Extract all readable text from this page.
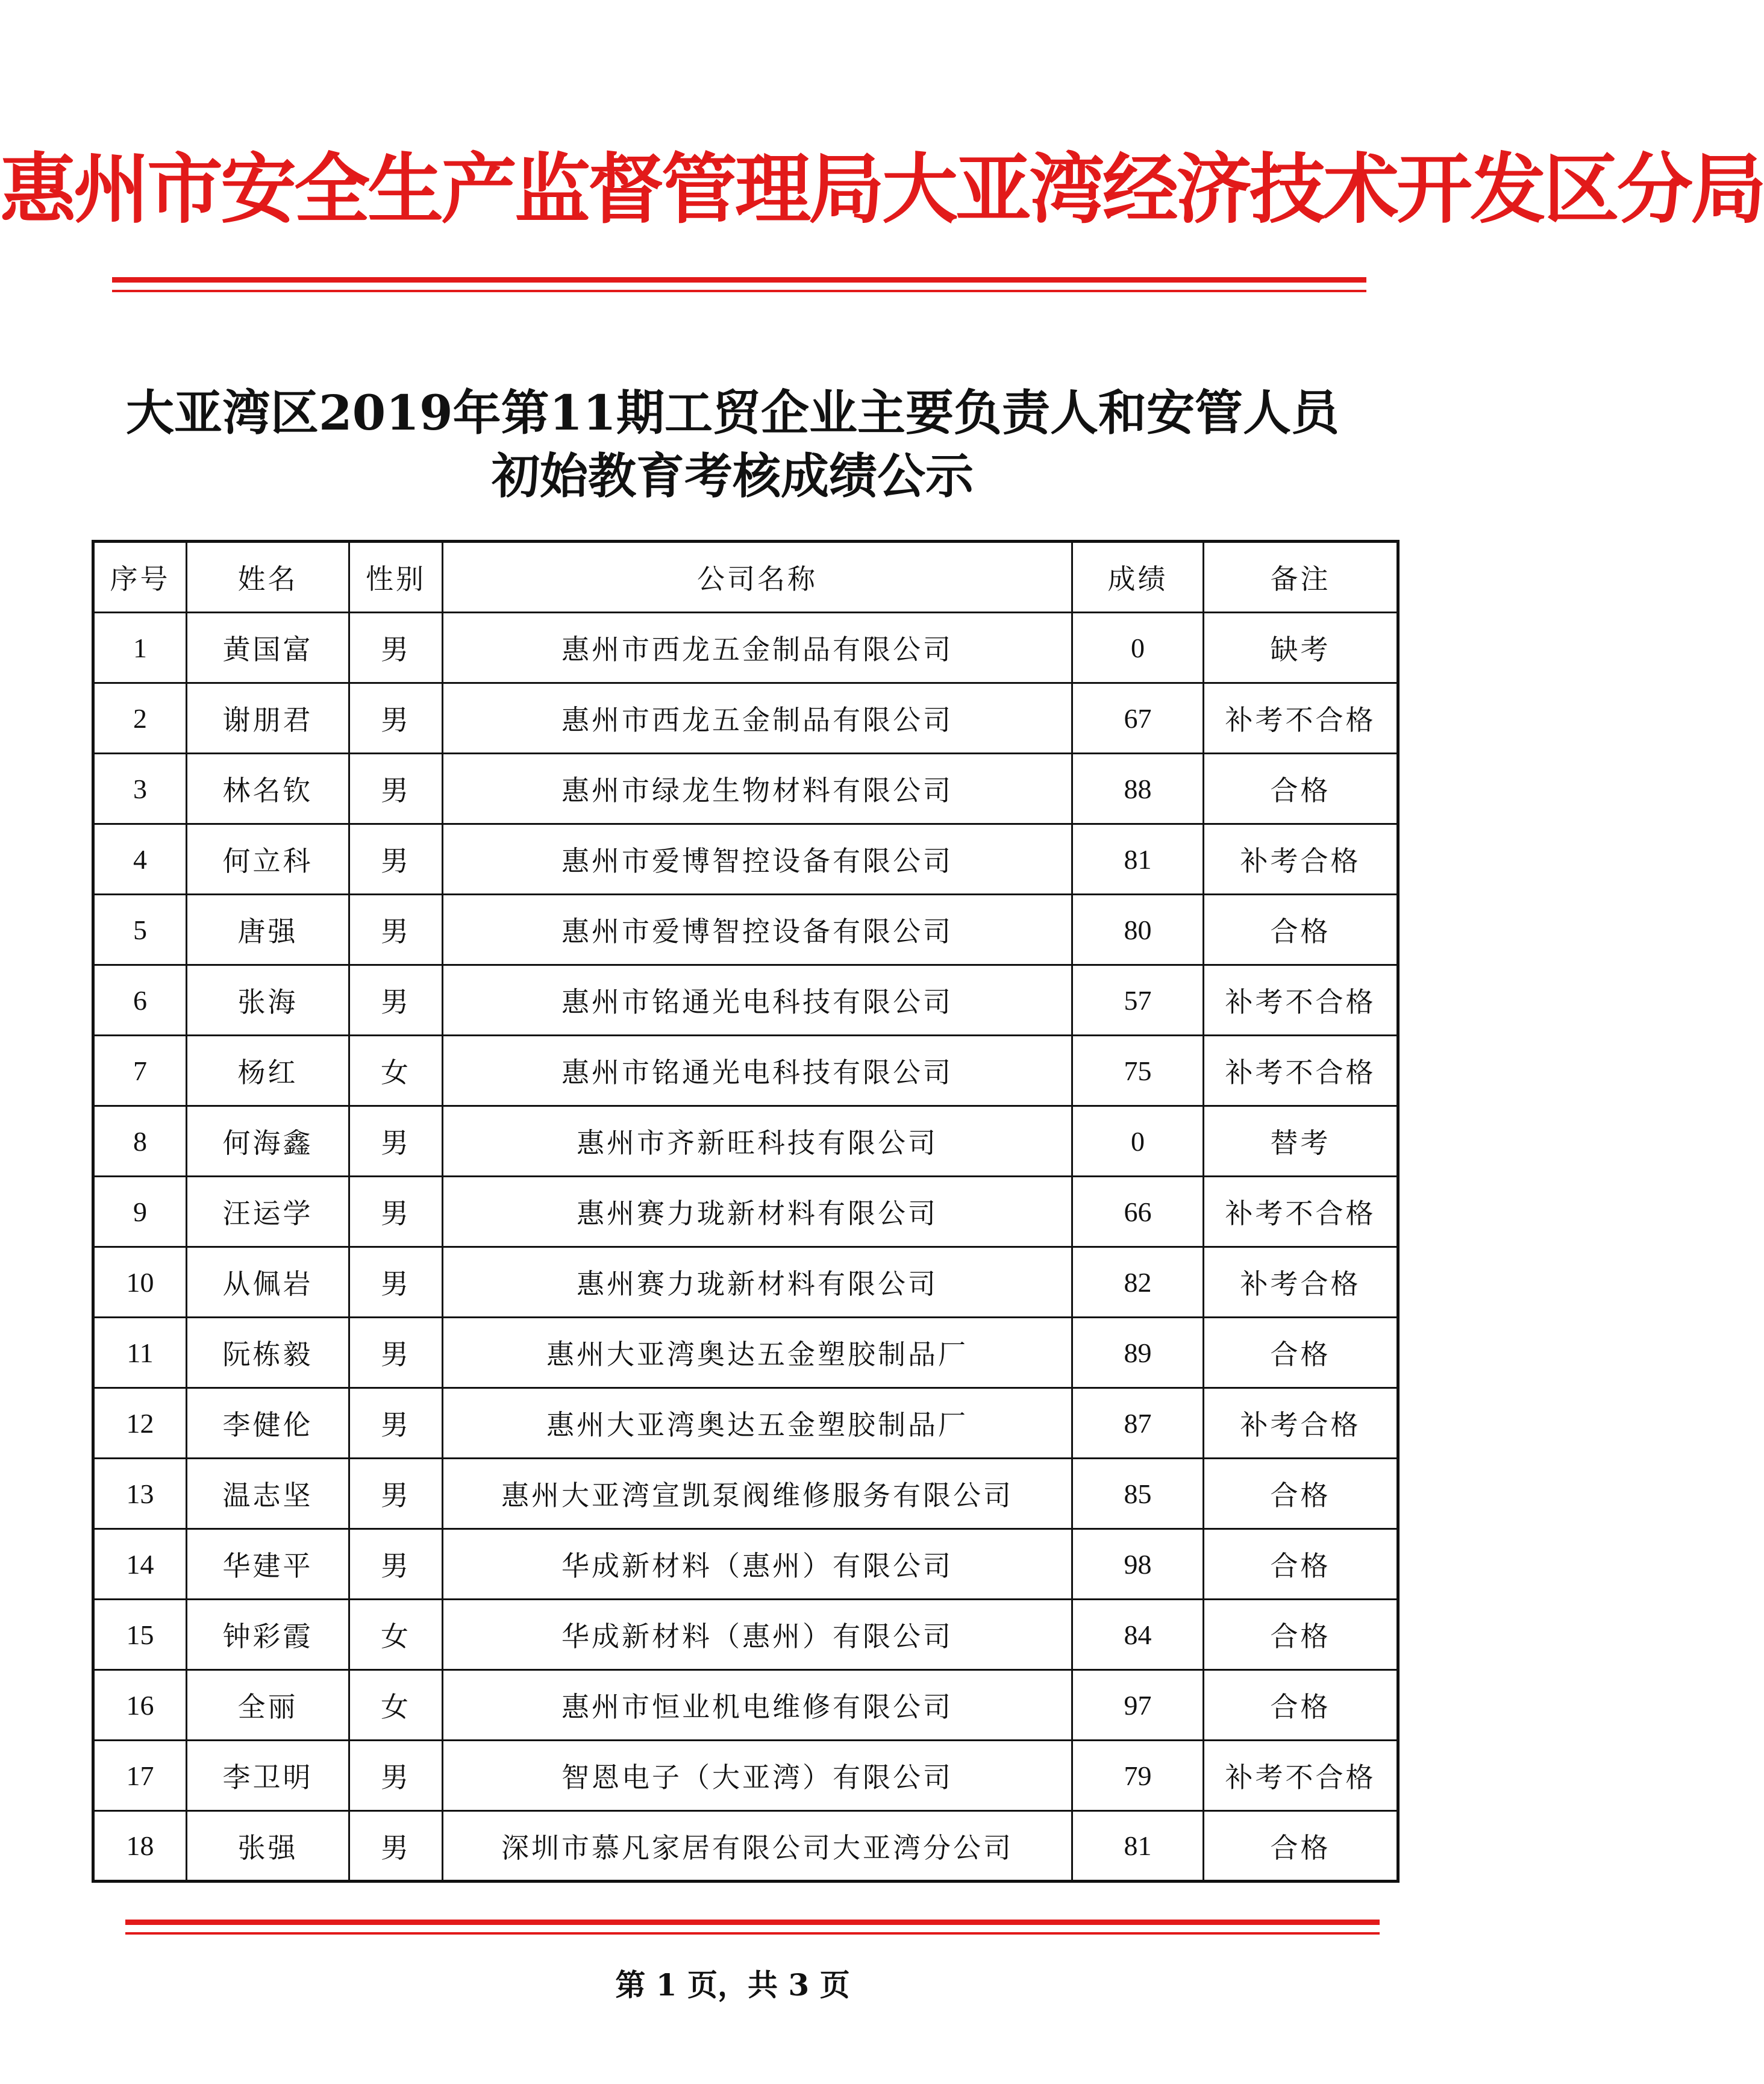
惠州市安全生产监督管理局大亚湾经济技术开发区分局
大亚湾区2019年第11期工贸企业主要负责人和安管人员
初始教育考核成绩公示
序号	姓名	性别	公司名称	成绩	备注
1	黄国富	男	惠州市西龙五金制品有限公司	0	缺考
2	谢朋君	男	惠州市西龙五金制品有限公司	67	补考不合格
3	林名钦	男	惠州市绿龙生物材料有限公司	88	合格
4	何立科	男	惠州市爱博智控设备有限公司	81	补考合格
5	唐强	男	惠州市爱博智控设备有限公司	80	合格
6	张海	男	惠州市铭通光电科技有限公司	57	补考不合格
7	杨红	女	惠州市铭通光电科技有限公司	75	补考不合格
8	何海鑫	男	惠州市齐新旺科技有限公司	0	替考
9	汪运学	男	惠州赛力珑新材料有限公司	66	补考不合格
10	从佩岩	男	惠州赛力珑新材料有限公司	82	补考合格
11	阮栋毅	男	惠州大亚湾奥达五金塑胶制品厂	89	合格
12	李健伦	男	惠州大亚湾奥达五金塑胶制品厂	87	补考合格
13	温志坚	男	惠州大亚湾宣凯泵阀维修服务有限公司	85	合格
14	华建平	男	华成新材料（惠州）有限公司	98	合格
15	钟彩霞	女	华成新材料（惠州）有限公司	84	合格
16	全丽	女	惠州市恒业机电维修有限公司	97	合格
17	李卫明	男	智恩电子（大亚湾）有限公司	79	补考不合格
18	张强	男	深圳市慕凡家居有限公司大亚湾分公司	81	合格
第 1 页，共 3 页
